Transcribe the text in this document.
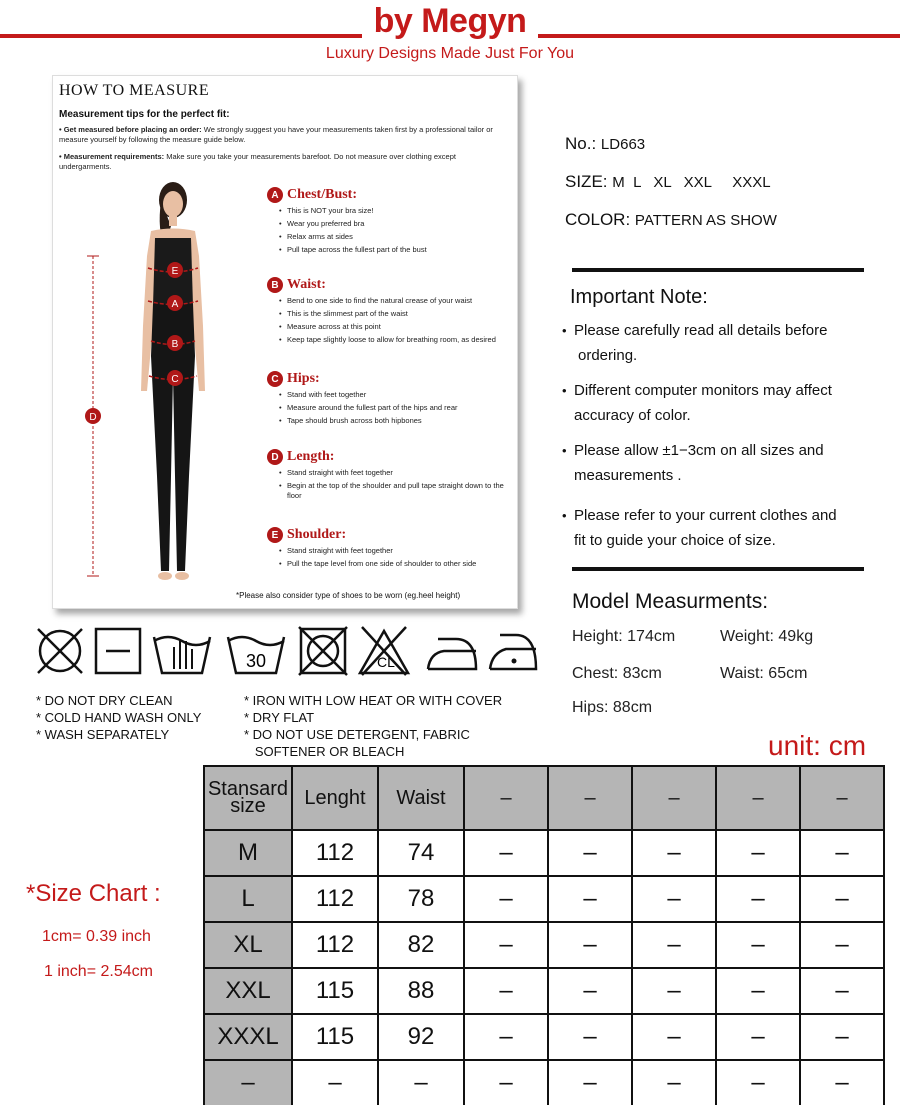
by Megyn
Luxury Designs Made Just For You
HOW TO MEASURE
Measurement tips for the perfect fit:
• Get measured before placing an order: We strongly suggest you have your measurements taken first by a professional tailor or measure yourself by following the measure guide below.
• Measurement requirements: Make sure you take your measurements barefoot. Do not measure over clothing except undergarments.
E
A
B
C
D
A Chest/Bust:
• This is NOT your bra size!
• Wear you preferred bra
• Relax arms at sides
• Pull tape across the fullest part of the bust
B Waist:
• Bend to one side to find the natural crease of your waist
• This is the slimmest part of the waist
• Measure across at this point
• Keep tape slightly loose to allow for breathing room, as desired
C Hips:
• Stand with feet together
• Measure around the fullest part of the hips and rear
• Tape should brush across both hipbones
D Length:
• Stand straight with feet together
• Begin at the top of the shoulder and pull tape straight down to the floor
E Shoulder:
• Stand straight with feet together
• Pull the tape level from one side of shoulder to other side
*Please also consider type of shoes to be worn (eg.heel height)
No.: LD663
SIZE: M  L   XL   XXL     XXXL
COLOR: PATTERN AS SHOW
Important Note:
• Please carefully read all details before
ordering.
• Different computer monitors may affect
accuracy of color.
• Please allow ±1−3cm on all sizes and
measurements .
• Please refer to your current clothes and
fit to guide your choice of size.
Model Measurments:
Height: 174cm	Weight: 49kg
Chest: 83cm	Waist: 65cm
Hips: 88cm
30	CL
* DO NOT DRY CLEAN
* COLD HAND WASH ONLY
* WASH SEPARATELY
* IRON WITH LOW HEAT OR WITH COVER
* DRY FLAT
* DO NOT USE DETERGENT, FABRIC
SOFTENER OR BLEACH	unit: cm
*Size Chart :
1cm= 0.39 inch
1 inch= 2.54cm
Stansard size	Lenght	Waist	–	–	–	–	–
M	112	74	–	–	–	–	–
L	112	78	–	–	–	–	–
XL	112	82	–	–	–	–	–
XXL	115	88	–	–	–	–	–
XXXL	115	92	–	–	–	–	–
–	–	–	–	–	–	–	–
